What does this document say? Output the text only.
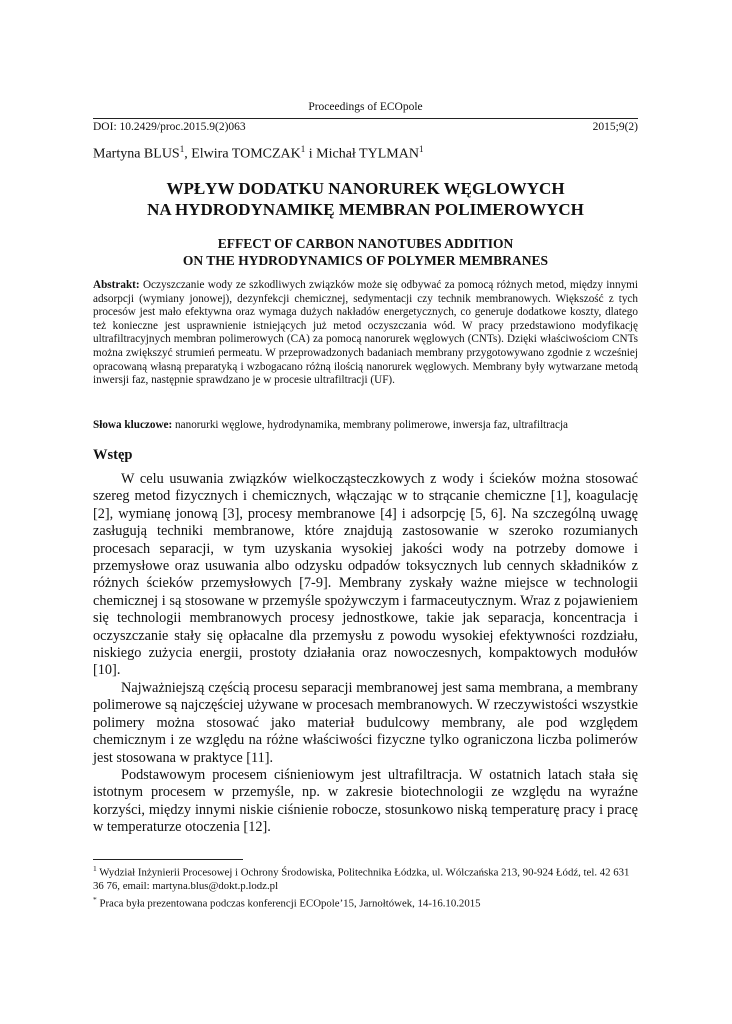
Proceedings of ECOpole
DOI: 10.2429/proc.2015.9(2)063	2015;9(2)
Martyna BLUS$^1$, Elwira TOMCZAK$^1$ i Michał TYLMAN$^1$
WPŁYW DODATKU NANORUREK WĘGLOWYCH
NA HYDRODYNAMIKĘ MEMBRAN POLIMEROWYCH
EFFECT OF CARBON NANOTUBES ADDITION
ON THE HYDRODYNAMICS OF POLYMER MEMBRANES
Abstrakt: Oczyszczanie wody ze szkodliwych związków może się odbywać za pomocą różnych metod, między innymi adsorpcji (wymiany jonowej), dezynfekcji chemicznej, sedymentacji czy technik membranowych. Większość z tych procesów jest mało efektywna oraz wymaga dużych nakładów energetycznych, co generuje dodatkowe koszty, dlatego też konieczne jest usprawnienie istniejących już metod oczyszczania wód. W pracy przedstawiono modyfikację ultrafiltracyjnych membran polimerowych (CA) za pomocą nanorurek węglowych (CNTs). Dzięki właściwościom CNTs można zwiększyć strumień permeatu. W przeprowadzonych badaniach membrany przygotowywano zgodnie z wcześniej opracowaną własną preparatyką i wzbogacano różną ilością nanorurek węglowych. Membrany były wytwarzane metodą inwersji faz, następnie sprawdzano je w procesie ultrafiltracji (UF).
Słowa kluczowe: nanorurki węglowe, hydrodynamika, membrany polimerowe, inwersja faz, ultrafiltracja
Wstęp

W celu usuwania związków wielkocząsteczkowych z wody i ścieków można stosować szereg metod fizycznych i chemicznych, włączając w to strącanie chemiczne [1], koagulację [2], wymianę jonową [3], procesy membranowe [4] i adsorpcję [5, 6]. Na szczególną uwagę zasługują techniki membranowe, które znajdują zastosowanie w szeroko rozumianych procesach separacji, w tym uzyskania wysokiej jakości wody na potrzeby domowe i przemysłowe oraz usuwania albo odzysku odpadów toksycznych lub cennych składników z różnych ścieków przemysłowych [7-9]. Membrany zyskały ważne miejsce w technologii chemicznej i są stosowane w przemyśle spożywczym i farmaceutycznym. Wraz z pojawieniem się technologii membranowych procesy jednostkowe, takie jak separacja, koncentracja i oczyszczanie stały się opłacalne dla przemysłu z powodu wysokiej efektywności rozdziału, niskiego zużycia energii, prostoty działania oraz nowoczesnych, kompaktowych modułów [10].

Najważniejszą częścią procesu separacji membranowej jest sama membrana, a membrany polimerowe są najczęściej używane w procesach membranowych. W rzeczywistości wszystkie polimery można stosować jako materiał budulcowy membrany, ale pod względem chemicznym i ze względu na różne właściwości fizyczne tylko ograniczona liczba polimerów jest stosowana w praktyce [11].

Podstawowym procesem ciśnieniowym jest ultrafiltracja. W ostatnich latach stała się istotnym procesem w przemyśle, np. w zakresie biotechnologii ze względu na wyraźne korzyści, między innymi niskie ciśnienie robocze, stosunkowo niską temperaturę pracy i pracę w temperaturze otoczenia [12].

$^1$ Wydział Inżynierii Procesowej i Ochrony Środowiska, Politechnika Łódzka, ul. Wólczańska 213, 90-924 Łódź, tel. 42 631 36 76, email: martyna.blus@dokt.p.lodz.pl
* Praca była prezentowana podczas konferencji ECOpole’15, Jarnołtówek, 14-16.10.2015
